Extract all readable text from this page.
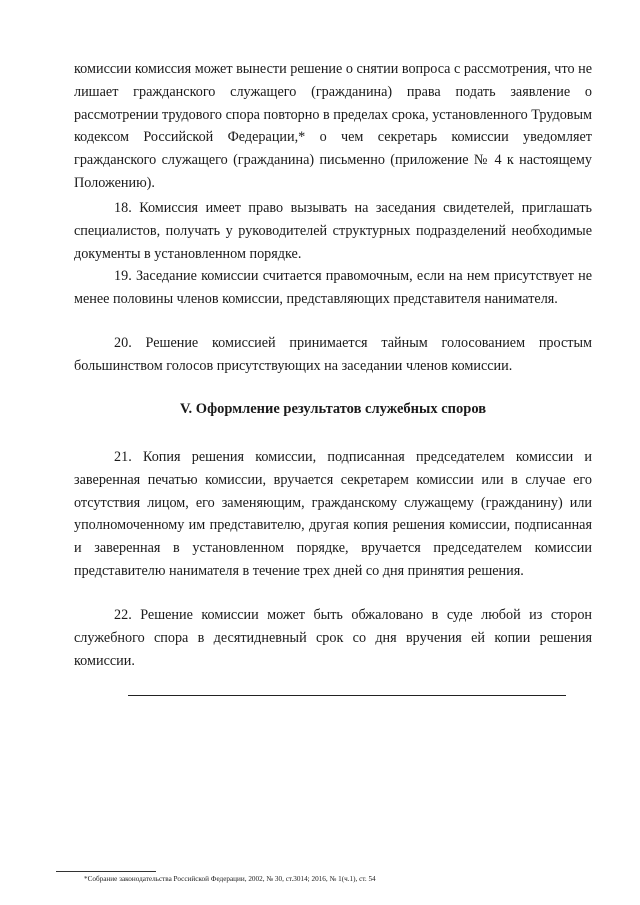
комиссии комиссия может вынести решение о снятии вопроса с рассмотрения, что не лишает гражданского служащего (гражданина) права подать заявление о рассмотрении трудового спора повторно в пределах срока, установленного Трудовым кодексом Российской Федерации,* о чем секретарь комиссии уведомляет гражданского служащего (гражданина) письменно (приложение № 4 к настоящему Положению).

18. Комиссия имеет право вызывать на заседания свидетелей, приглашать специалистов, получать у руководителей структурных подразделений необходимые документы в установленном порядке.

19. Заседание комиссии считается правомочным, если на нем присутствует не менее половины членов комиссии, представляющих представителя нанимателя.

20. Решение комиссией принимается тайным голосованием простым большинством голосов присутствующих на заседании членов комиссии.

V. Оформление результатов служебных споров

21. Копия решения комиссии, подписанная председателем комиссии и заверенная печатью комиссии, вручается секретарем комиссии или в случае его отсутствия лицом, его заменяющим, гражданскому служащему (гражданину) или уполномоченному им представителю, другая копия решения комиссии, подписанная и заверенная в установленном порядке, вручается председателем комиссии представителю нанимателя в течение трех дней со дня принятия решения.

22. Решение комиссии может быть обжаловано в суде любой из сторон служебного спора в десятидневный срок со дня вручения ей копии решения комиссии.

*Собрание законодательства Российской Федерации, 2002, № 30, ст.3014; 2016, № 1(ч.1), ст. 54
